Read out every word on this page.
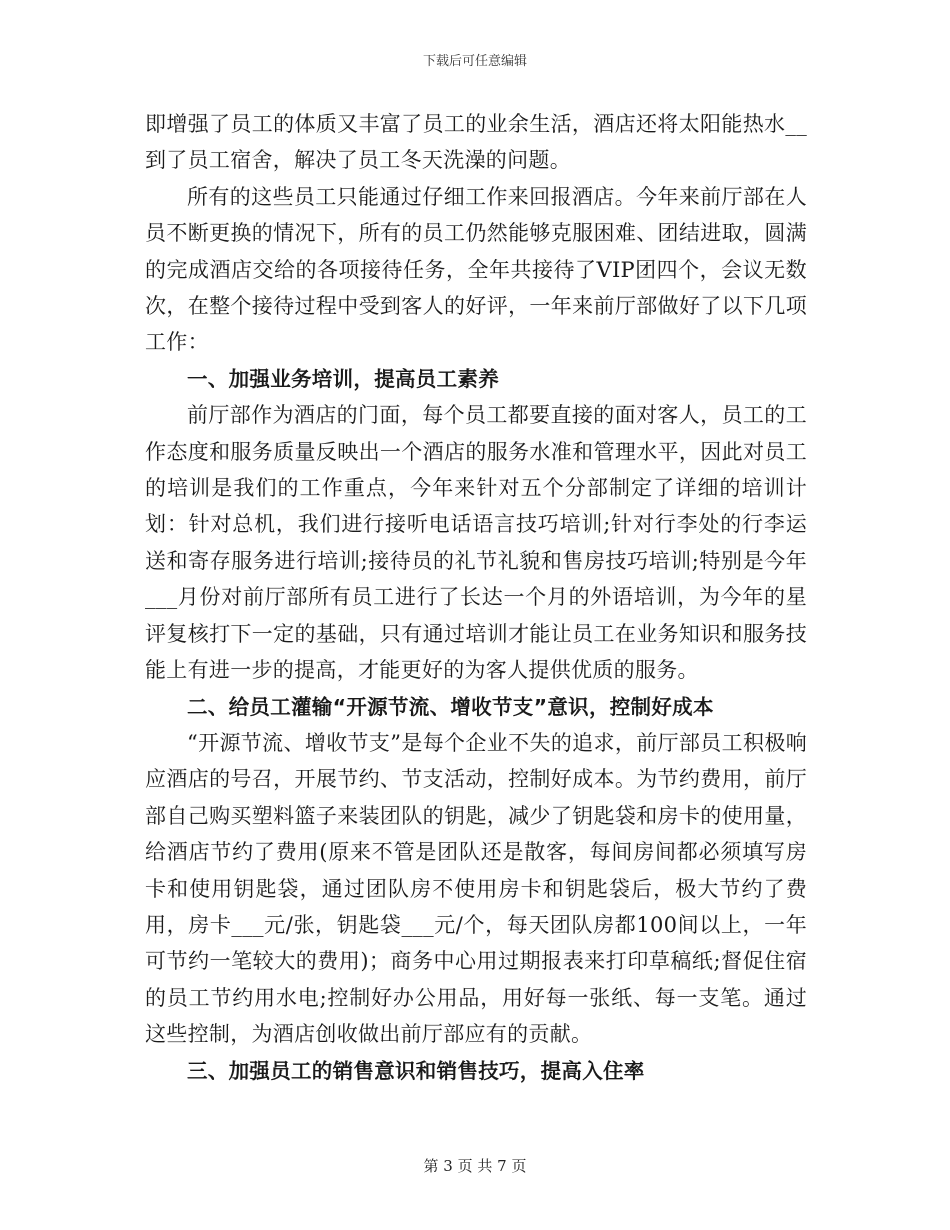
下载后可任意编辑

即增强了员工的体质又丰富了员工的业余生活，酒店还将太阳能热水__到了员工宿舍，解决了员工冬天洗澡的问题。

所有的这些员工只能通过仔细工作来回报酒店。今年来前厅部在人员不断更换的情况下，所有的员工仍然能够克服困难、团结进取，圆满的完成酒店交给的各项接待任务，全年共接待了VIP团四个，会议无数次，在整个接待过程中受到客人的好评，一年来前厅部做好了以下几项工作：

一、加强业务培训，提高员工素养

前厅部作为酒店的门面，每个员工都要直接的面对客人，员工的工作态度和服务质量反映出一个酒店的服务水准和管理水平，因此对员工的培训是我们的工作重点，今年来针对五个分部制定了详细的培训计划：针对总机，我们进行接听电话语言技巧培训;针对行李处的行李运送和寄存服务进行培训;接待员的礼节礼貌和售房技巧培训;特别是今年___月份对前厅部所有员工进行了长达一个月的外语培训，为今年的星评复核打下一定的基础，只有通过培训才能让员工在业务知识和服务技能上有进一步的提高，才能更好的为客人提供优质的服务。

二、给员工灌输“开源节流、增收节支”意识，控制好成本

“开源节流、增收节支”是每个企业不失的追求，前厅部员工积极响应酒店的号召，开展节约、节支活动，控制好成本。为节约费用，前厅部自己购买塑料篮子来装团队的钥匙，减少了钥匙袋和房卡的使用量，给酒店节约了费用(原来不管是团队还是散客，每间房间都必须填写房卡和使用钥匙袋，通过团队房不使用房卡和钥匙袋后，极大节约了费用，房卡___元/张，钥匙袋___元/个，每天团队房都100间以上，一年可节约一笔较大的费用)；商务中心用过期报表来打印草稿纸;督促住宿的员工节约用水电;控制好办公用品，用好每一张纸、每一支笔。通过这些控制，为酒店创收做出前厅部应有的贡献。

三、加强员工的销售意识和销售技巧，提高入住率

第 3 页 共 7 页
